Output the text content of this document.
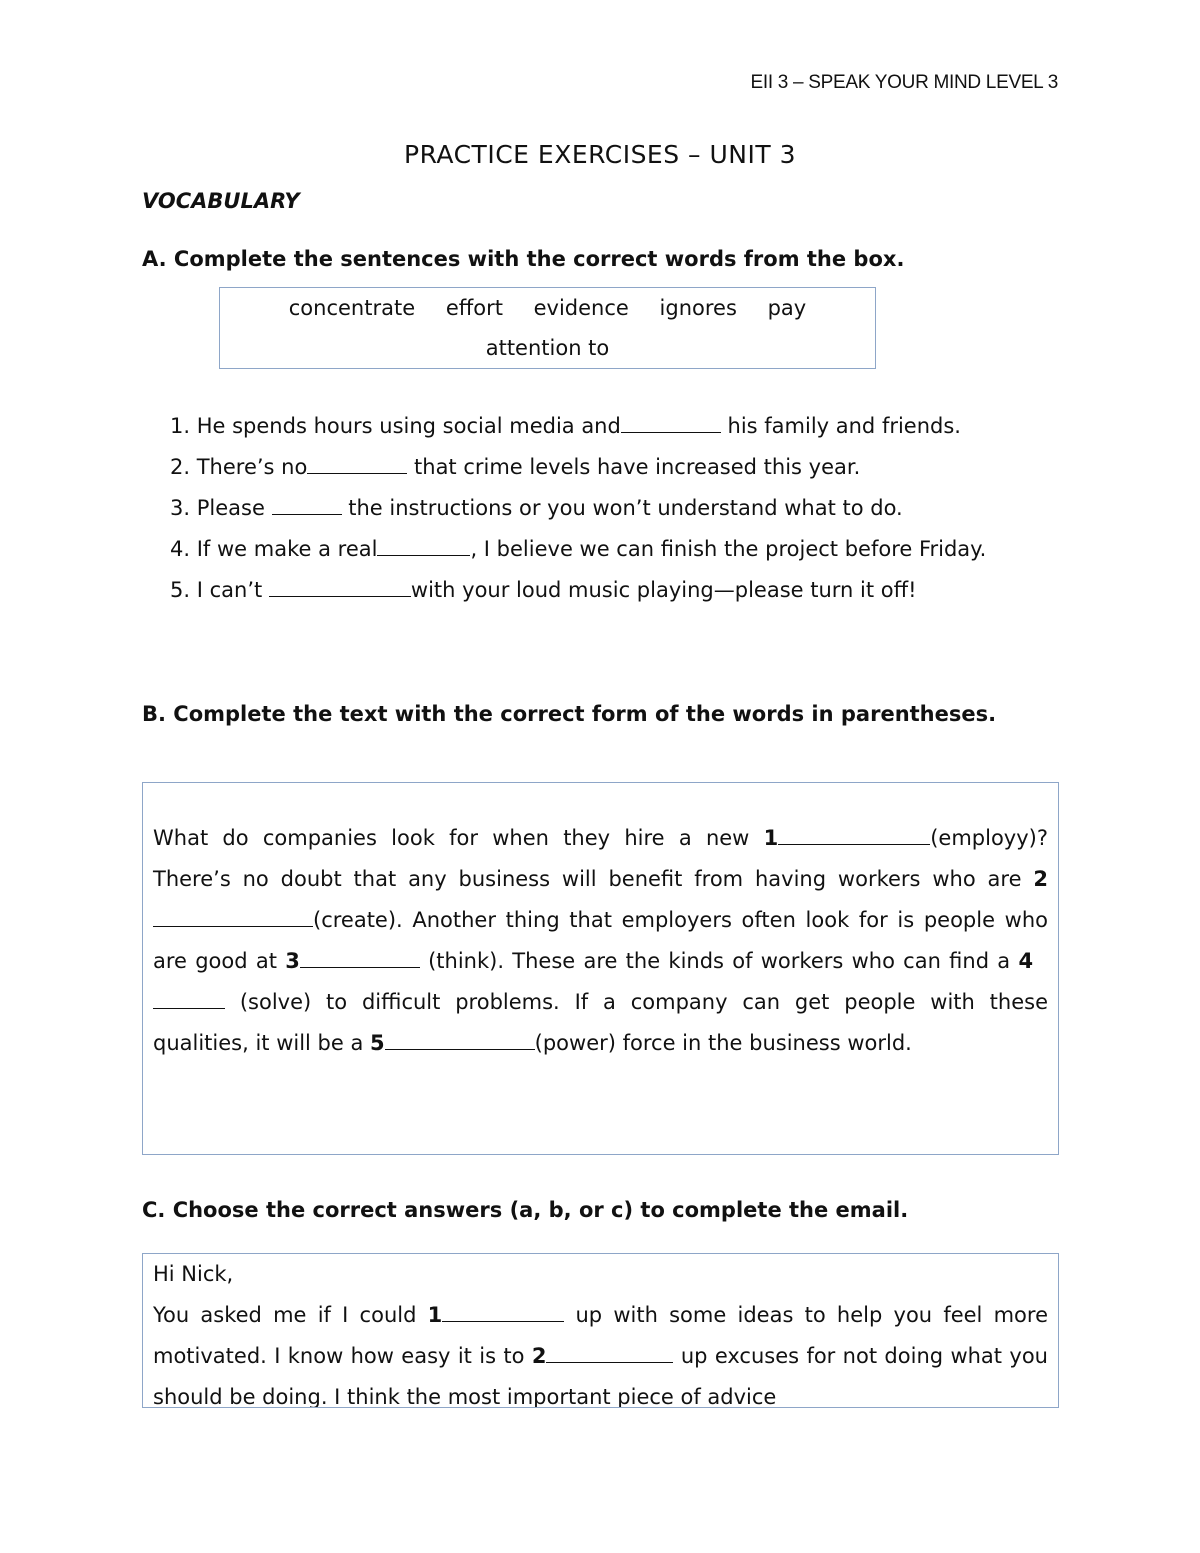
EII 3 – SPEAK YOUR MIND LEVEL 3
PRACTICE EXERCISES – UNIT 3
VOCABULARY
A. Complete the sentences with the correct words from the box.
concentrate effort evidence ignores pay
attention to
1. He spends hours using social media and	his family and friends.
2. There’s no	that crime levels have increased this year.
3. Please	the instructions or you won’t understand what to do.
4. If we make a real	, I believe we can finish the project before Friday.
5. I can’t	with your loud music playing—please turn it off!
B. Complete the text with the correct form of the words in parentheses.

What do companies look for when they hire a new 1	(employy)? There’s no doubt that any business will benefit from having workers who are 2(create). Another thing that employers often look for is people who are good at 3	(think). These are the kinds of workers who can find a 4   (solve) to difficult problems. If a company can get people with these qualities, it will be a 5	(power) force in the business world.

C. Choose the correct answers (a, b, or c) to complete the email.

Hi Nick,

You asked me if I could 1	up with some ideas to help you feel more motivated. I know how easy it is to 2	up excuses for not doing what you should be doing. I think the most important piece of advice
